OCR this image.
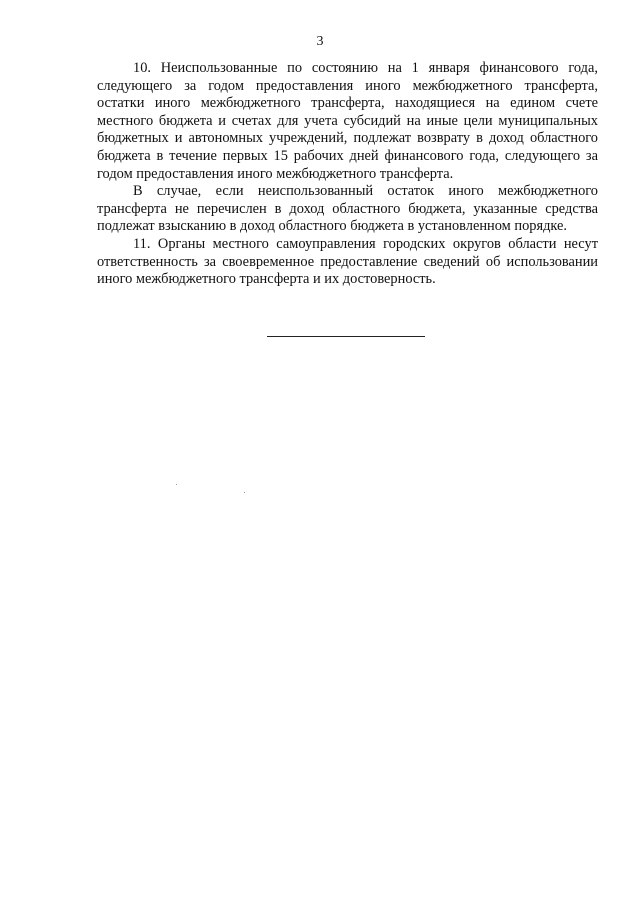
3

10. Неиспользованные по состоянию на 1 января финансового года, следующего за годом предоставления иного межбюджетного трансферта, остатки иного межбюджетного трансферта, находящиеся на едином счете местного бюджета и счетах для учета субсидий на иные цели муниципальных бюджетных и автономных учреждений, подлежат возврату в доход областного бюджета в течение первых 15 рабочих дней финансового года, следующего за годом предоставления иного межбюджетного трансферта.

В случае, если неиспользованный остаток иного межбюджетного трансферта не перечислен в доход областного бюджета, указанные средства подлежат взысканию в доход областного бюджета в установленном порядке.

11. Органы местного самоуправления городских округов области несут ответственность за своевременное предоставление сведений об использовании иного межбюджетного трансферта и их достоверность.
